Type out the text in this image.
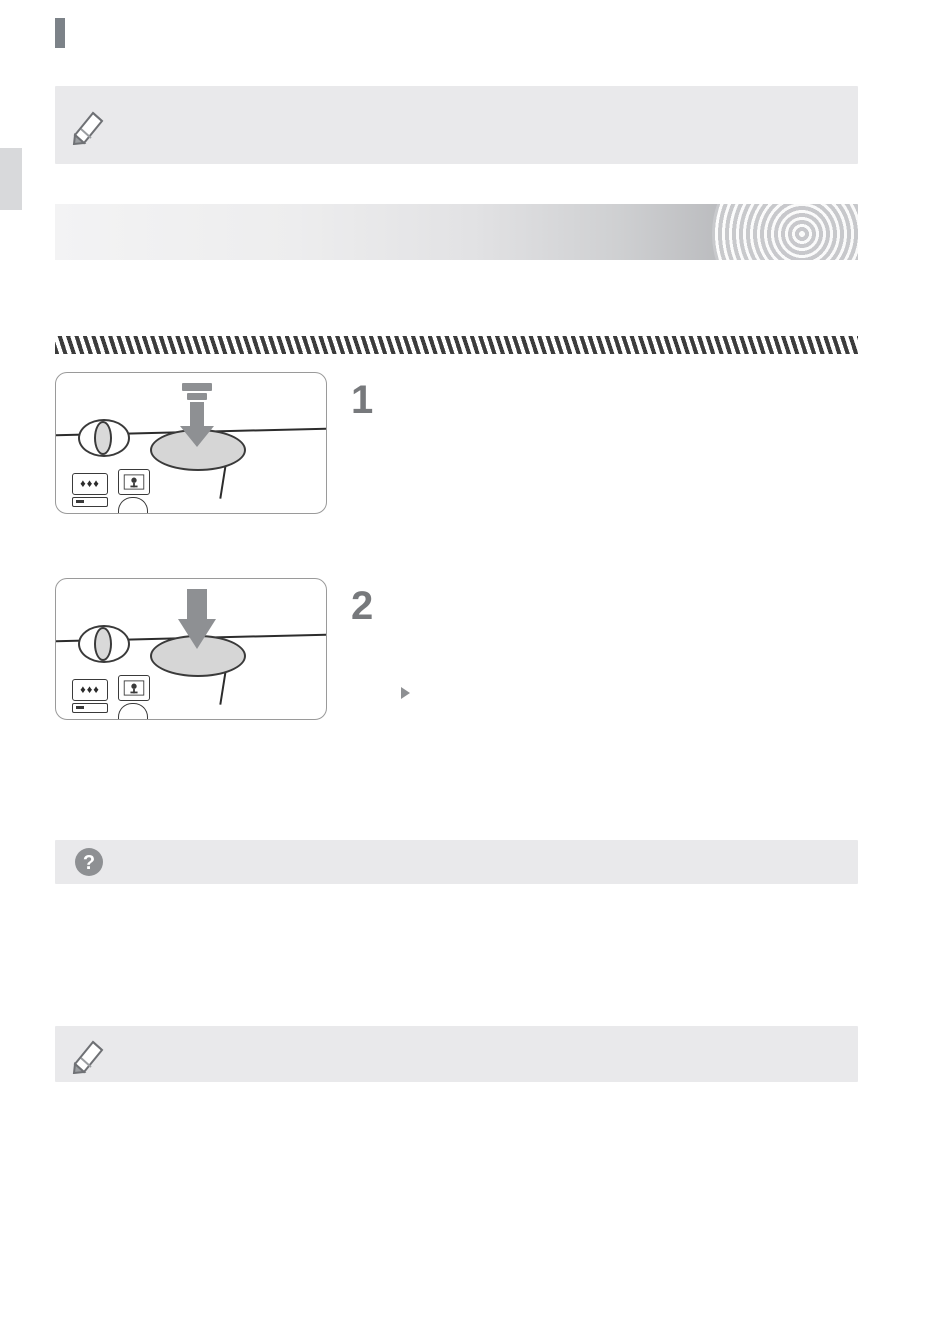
♦♦♦
1
♦♦♦
2
?
